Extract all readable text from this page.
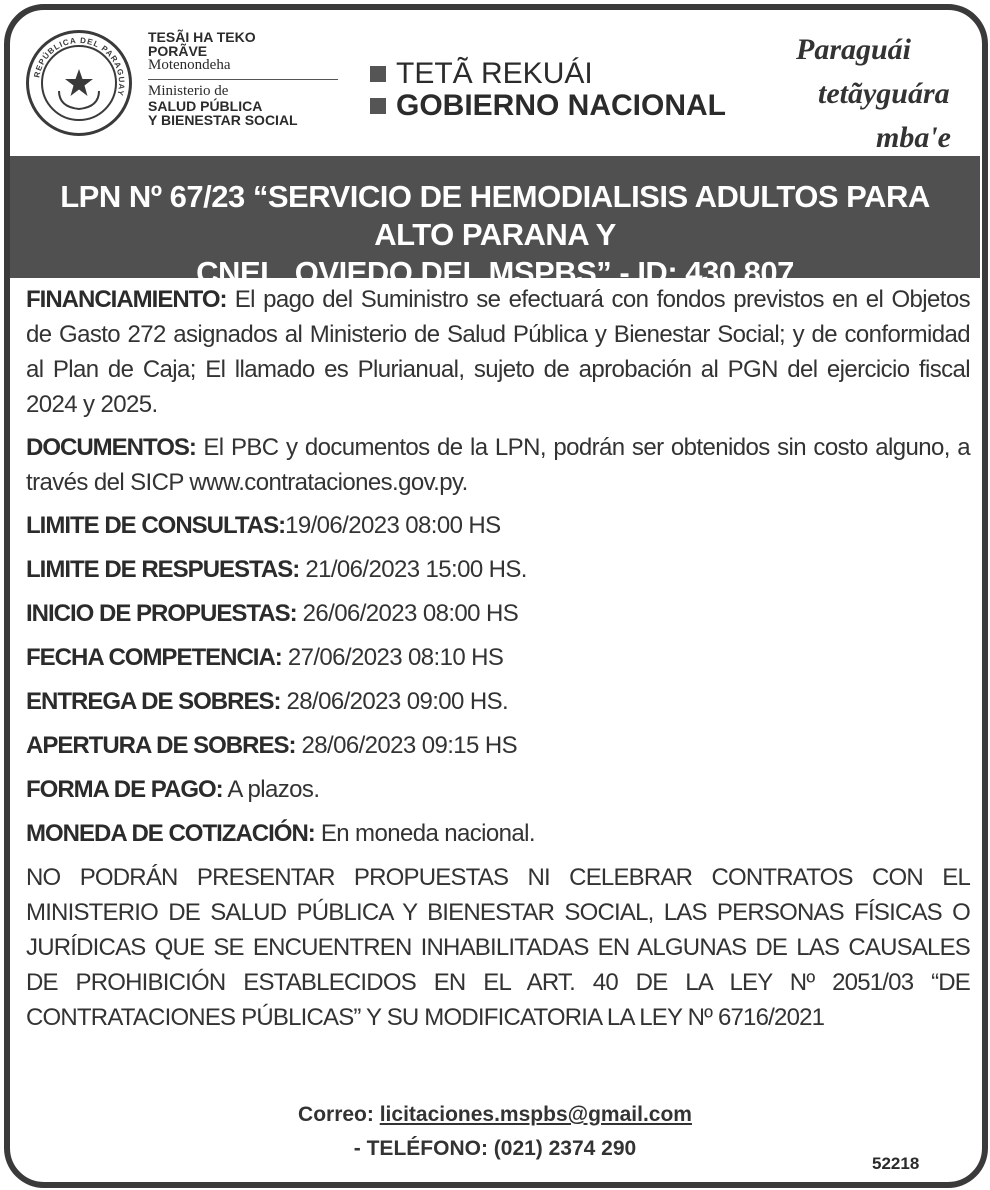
REPÚBLICA DEL PARAGUAY
TESÃI HA TEKO
PORÃVE
Motenondeha
Ministerio de
SALUD PÚBLICA
Y BIENESTAR SOCIAL
TETÃ REKUÁI
GOBIERNO NACIONAL
Paraguái
tetãyguára
mba'e
LPN Nº 67/23 “SERVICIO DE HEMODIALISIS ADULTOS PARA ALTO PARANA Y
CNEL. OVIEDO DEL MSPBS” - ID: 430.807

FINANCIAMIENTO: El pago del Suministro se efectuará con fondos previstos en el Objetos de Gasto 272 asignados al Ministerio de Salud Pública y Bienestar Social; y de conformidad al Plan de Caja; El llamado es Plurianual, sujeto de aprobación al PGN del ejercicio fiscal 2024 y 2025.

DOCUMENTOS: El PBC y documentos de la LPN, podrán ser obtenidos sin costo alguno, a través del SICP www.contrataciones.gov.py.

LIMITE DE CONSULTAS:19/06/2023 08:00 HS
LIMITE DE RESPUESTAS: 21/06/2023 15:00 HS.
INICIO DE PROPUESTAS: 26/06/2023 08:00 HS
FECHA COMPETENCIA: 27/06/2023 08:10 HS
ENTREGA DE SOBRES: 28/06/2023 09:00 HS.
APERTURA DE SOBRES: 28/06/2023 09:15 HS
FORMA DE PAGO: A plazos.
MONEDA DE COTIZACIÓN: En moneda nacional.

NO PODRÁN PRESENTAR PROPUESTAS NI CELEBRAR CONTRATOS CON EL MINISTERIO DE SALUD PÚBLICA Y BIENESTAR SOCIAL, LAS PERSONAS FÍSICAS O JURÍDICAS QUE SE ENCUENTREN INHABILITADAS EN ALGUNAS DE LAS CAUSALES DE PROHIBICIÓN ESTABLECIDOS EN EL ART. 40 DE LA LEY Nº 2051/03 “DE CONTRATACIONES PÚBLICAS” Y SU MODIFICATORIA LA LEY Nº 6716/2021

Correo: licitaciones.mspbs@gmail.com
- TELÉFONO: (021) 2374 290
52218
